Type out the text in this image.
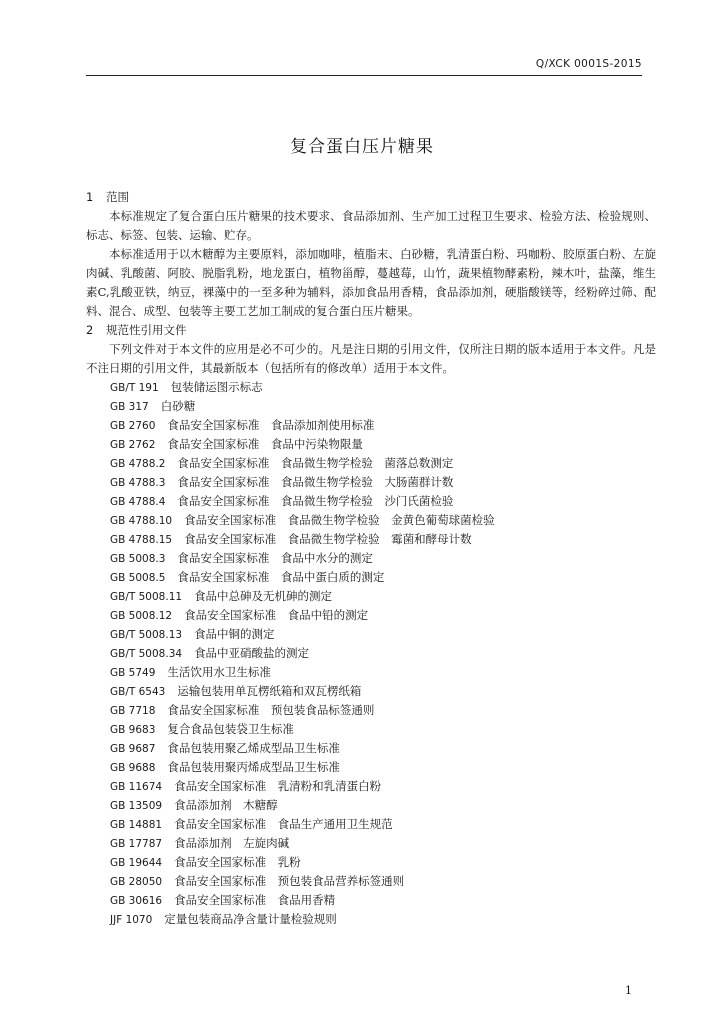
Q/XCK 0001S-2015
复合蛋白压片糖果

1 范围

本标准规定了复合蛋白压片糖果的技术要求、食品添加剂、生产加工过程卫生要求、检验方法、检验规则、标志、标签、包装、运输、贮存。

本标准适用于以木糖醇为主要原料，添加咖啡，植脂末、白砂糖，乳清蛋白粉、玛咖粉、胶原蛋白粉、左旋肉碱、乳酸菌、阿胶、脱脂乳粉，地龙蛋白，植物甾醇，蔓越莓，山竹，蔬果植物酵素粉，辣木叶，盐藻，维生素C,乳酸亚铁，纳豆，裸藻中的一至多种为辅料，添加食品用香精，食品添加剂，硬脂酸镁等，经粉碎过筛、配料、混合、成型、包装等主要工艺加工制成的复合蛋白压片糖果。

2 规范性引用文件

下列文件对于本文件的应用是必不可少的。凡是注日期的引用文件，仅所注日期的版本适用于本文件。凡是不注日期的引用文件，其最新版本（包括所有的修改单）适用于本文件。

GB/T 191 包装储运图示标志
GB 317 白砂糖
GB 2760 食品安全国家标准　食品添加剂使用标准
GB 2762 食品安全国家标准　食品中污染物限量
GB 4788.2 食品安全国家标准　食品微生物学检验　菌落总数测定
GB 4788.3 食品安全国家标准　食品微生物学检验　大肠菌群计数
GB 4788.4 食品安全国家标准　食品微生物学检验　沙门氏菌检验
GB 4788.10 食品安全国家标准　食品微生物学检验　金黄色葡萄球菌检验
GB 4788.15 食品安全国家标准　食品微生物学检验　霉菌和酵母计数
GB 5008.3 食品安全国家标准　食品中水分的测定
GB 5008.5 食品安全国家标准　食品中蛋白质的测定
GB/T 5008.11 食品中总砷及无机砷的测定
GB 5008.12 食品安全国家标准　食品中铅的测定
GB/T 5008.13 食品中铜的测定
GB/T 5008.34 食品中亚硝酸盐的测定
GB 5749 生活饮用水卫生标准
GB/T 6543 运输包装用单瓦楞纸箱和双瓦楞纸箱
GB 7718 食品安全国家标准　预包装食品标签通则
GB 9683 复合食品包装袋卫生标准
GB 9687 食品包装用聚乙烯成型品卫生标准
GB 9688 食品包装用聚丙烯成型品卫生标准
GB 11674 食品安全国家标准　乳清粉和乳清蛋白粉
GB 13509 食品添加剂　木糖醇
GB 14881 食品安全国家标准　食品生产通用卫生规范
GB 17787 食品添加剂　左旋肉碱
GB 19644 食品安全国家标准　乳粉
GB 28050 食品安全国家标准　预包装食品营养标签通则
GB 30616 食品安全国家标准　食品用香精
JJF 1070 定量包装商品净含量计量检验规则
1
